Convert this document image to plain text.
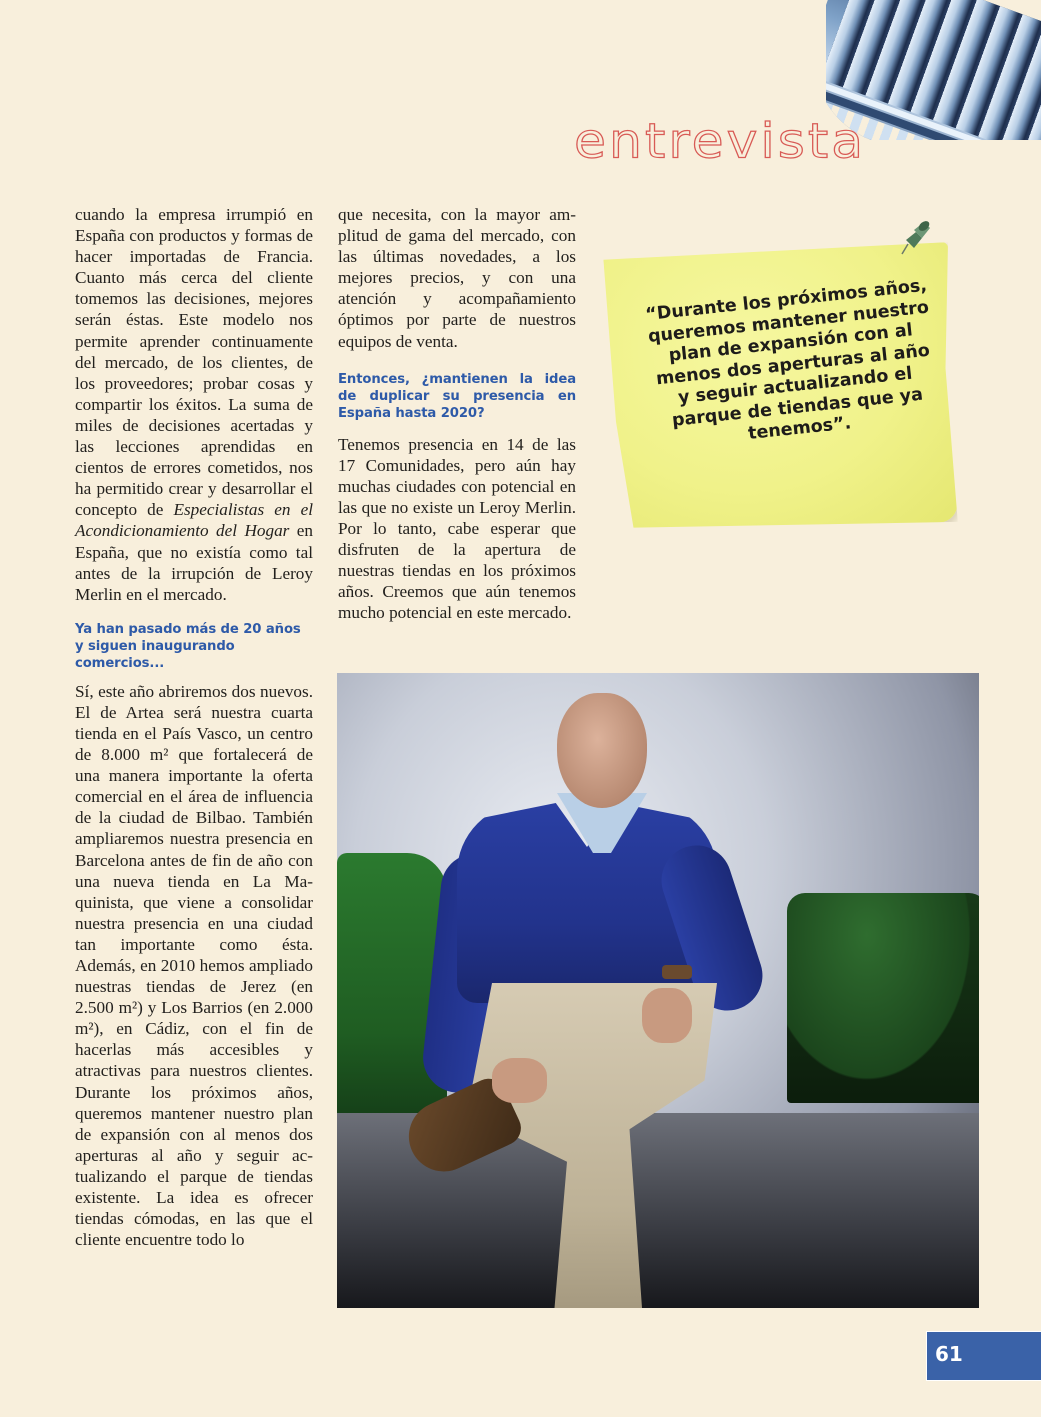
entrevista

cuando la empresa irrumpió en España con productos y formas de hacer importadas de Francia. Cuanto más cerca del cliente tomemos las decisiones, mejores serán éstas. Este modelo nos permite aprender continuamente del mercado, de los clientes, de los proveedores; probar cosas y compartir los éxitos. La suma de miles de decisiones acertadas y las lecciones aprendidas en cientos de errores cometidos, nos ha permitido crear y desarrollar el concepto de Especialistas en el Acondicionamiento del Hogar en España, que no existía como tal antes de la irrupción de Leroy Merlin en el mercado.

Ya han pasado más de 20 años y siguen inaugurando comercios...

Sí, este año abriremos dos nuevos. El de Artea será nuestra cuarta tienda en el País Vasco, un centro de 8.000 m² que fortalecerá de una manera importante la oferta comercial en el área de influencia de la ciudad de Bilbao. También ampliaremos nuestra presencia en Barcelona antes de fin de año con una nueva tienda en La Maquinista, que viene a consolidar nuestra presencia en una ciudad tan importante como ésta. Además, en 2010 hemos ampliado nuestras tiendas de Jerez (en 2.500 m²) y Los Barrios (en 2.000 m²), en Cádiz, con el fin de hacerlas más accesibles y atractivas para nuestros clientes. Durante los próximos años, queremos mantener nuestro plan de expansión con al menos dos aperturas al año y seguir actualizando el parque de tiendas existente. La idea es ofrecer tiendas cómodas, en las que el cliente encuentre todo lo

que necesita, con la mayor amplitud de gama del mercado, con las últimas novedades, a los mejores precios, y con una atención y acompañamiento óptimos por parte de nuestros equipos de venta.

Entonces, ¿mantienen la idea de duplicar su presencia en España hasta 2020?

Tenemos presencia en 14 de las 17 Comunidades, pero aún hay muchas ciudades con potencial en las que no existe un Leroy Merlin. Por lo tanto, cabe esperar que disfruten de la apertura de nuestras tiendas en los próximos años. Creemos que aún tenemos mucho potencial en este mercado.

“Durante los próximos años, queremos mantener nuestro plan de expansión con al menos dos aperturas al año y seguir actualizando el parque de tiendas que ya tenemos”.
61
